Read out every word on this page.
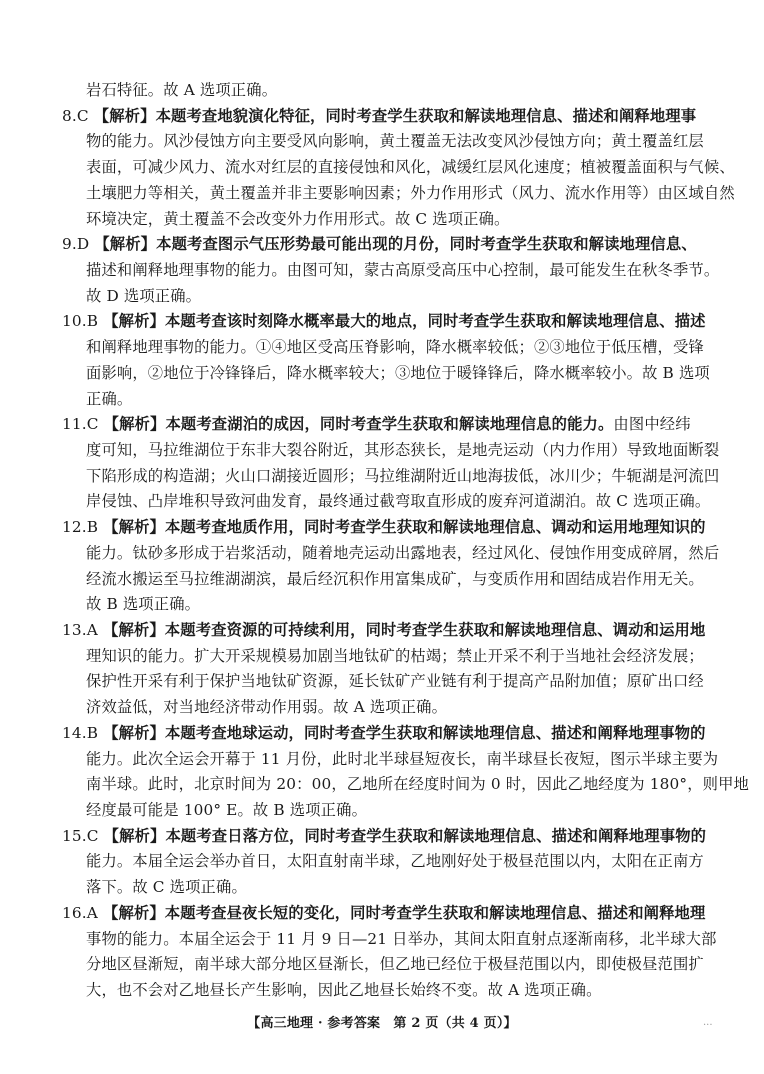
岩石特征。故 A 选项正确。
8.C 【解析】本题考查地貌演化特征，同时考查学生获取和解读地理信息、描述和阐释地理事
物的能力。风沙侵蚀方向主要受风向影响，黄土覆盖无法改变风沙侵蚀方向；黄土覆盖红层
表面，可减少风力、流水对红层的直接侵蚀和风化，减缓红层风化速度；植被覆盖面积与气候、
土壤肥力等相关，黄土覆盖并非主要影响因素；外力作用形式（风力、流水作用等）由区域自然
环境决定，黄土覆盖不会改变外力作用形式。故 C 选项正确。
9.D 【解析】本题考查图示气压形势最可能出现的月份，同时考查学生获取和解读地理信息、
描述和阐释地理事物的能力。由图可知，蒙古高原受高压中心控制，最可能发生在秋冬季节。
故 D 选项正确。
10.B 【解析】本题考查该时刻降水概率最大的地点，同时考查学生获取和解读地理信息、描述
和阐释地理事物的能力。①④地区受高压脊影响，降水概率较低；②③地位于低压槽，受锋
面影响，②地位于冷锋锋后，降水概率较大；③地位于暖锋锋后，降水概率较小。故 B 选项
正确。
11.C 【解析】本题考查湖泊的成因，同时考查学生获取和解读地理信息的能力。由图中经纬
度可知，马拉维湖位于东非大裂谷附近，其形态狭长，是地壳运动（内力作用）导致地面断裂
下陷形成的构造湖；火山口湖接近圆形；马拉维湖附近山地海拔低，冰川少；牛轭湖是河流凹
岸侵蚀、凸岸堆积导致河曲发育，最终通过截弯取直形成的废弃河道湖泊。故 C 选项正确。
12.B 【解析】本题考查地质作用，同时考查学生获取和解读地理信息、调动和运用地理知识的
能力。钛砂多形成于岩浆活动，随着地壳运动出露地表，经过风化、侵蚀作用变成碎屑，然后
经流水搬运至马拉维湖湖滨，最后经沉积作用富集成矿，与变质作用和固结成岩作用无关。
故 B 选项正确。
13.A 【解析】本题考查资源的可持续利用，同时考查学生获取和解读地理信息、调动和运用地
理知识的能力。扩大开采规模易加剧当地钛矿的枯竭；禁止开采不利于当地社会经济发展；
保护性开采有利于保护当地钛矿资源，延长钛矿产业链有利于提高产品附加值；原矿出口经
济效益低，对当地经济带动作用弱。故 A 选项正确。
14.B 【解析】本题考查地球运动，同时考查学生获取和解读地理信息、描述和阐释地理事物的
能力。此次全运会开幕于 11 月份，此时北半球昼短夜长，南半球昼长夜短，图示半球主要为
南半球。此时，北京时间为 20：00，乙地所在经度时间为 0 时，因此乙地经度为 180°，则甲地
经度最可能是 100° E。故 B 选项正确。
15.C 【解析】本题考查日落方位，同时考查学生获取和解读地理信息、描述和阐释地理事物的
能力。本届全运会举办首日，太阳直射南半球，乙地刚好处于极昼范围以内，太阳在正南方
落下。故 C 选项正确。
16.A 【解析】本题考查昼夜长短的变化，同时考查学生获取和解读地理信息、描述和阐释地理
事物的能力。本届全运会于 11 月 9 日—21 日举办，其间太阳直射点逐渐南移，北半球大部
分地区昼渐短，南半球大部分地区昼渐长，但乙地已经位于极昼范围以内，即使极昼范围扩
大，也不会对乙地昼长产生影响，因此乙地昼长始终不变。故 A 选项正确。
【高三地理 · 参考答案　第 2 页（共 4 页）】	...
